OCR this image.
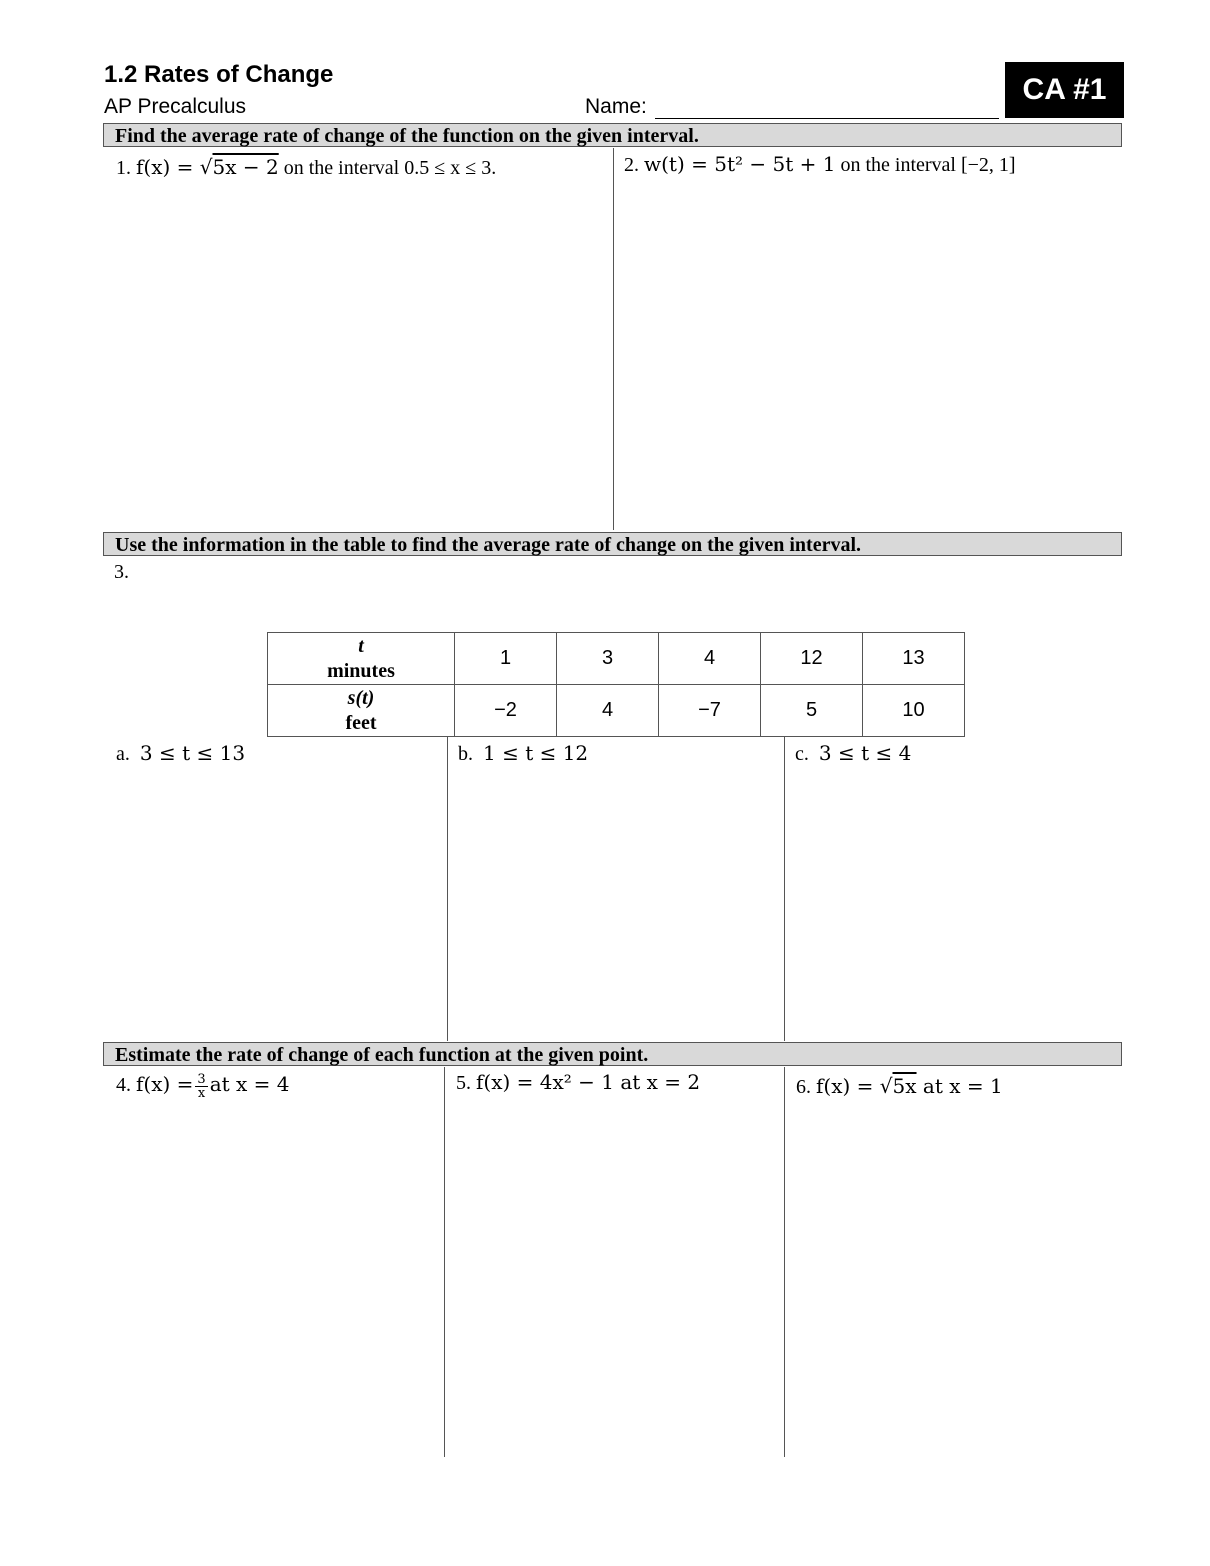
1.2 Rates of Change
AP Precalculus	Name:
CA #1
Find the average rate of change of the function on the given interval.
1. f(x) = √5x − 2 on the interval 0.5 ≤ x ≤ 3.	2. w(t) = 5t² − 5t + 1 on the interval [−2, 1]
Use the information in the table to find the average rate of change on the given interval.
3.
t
minutes	1	3	4	12	13

s(t)
feet	−2	4	−7	5	10
a. 3 ≤ t ≤ 13	b. 1 ≤ t ≤ 12	c. 3 ≤ t ≤ 4
Estimate the rate of change of each function at the given point.
4. $f(x) = \frac{3}{x}$ at x = 4	5. f(x) = 4x² − 1 at x = 2	6. f(x) = √5x at x = 1
